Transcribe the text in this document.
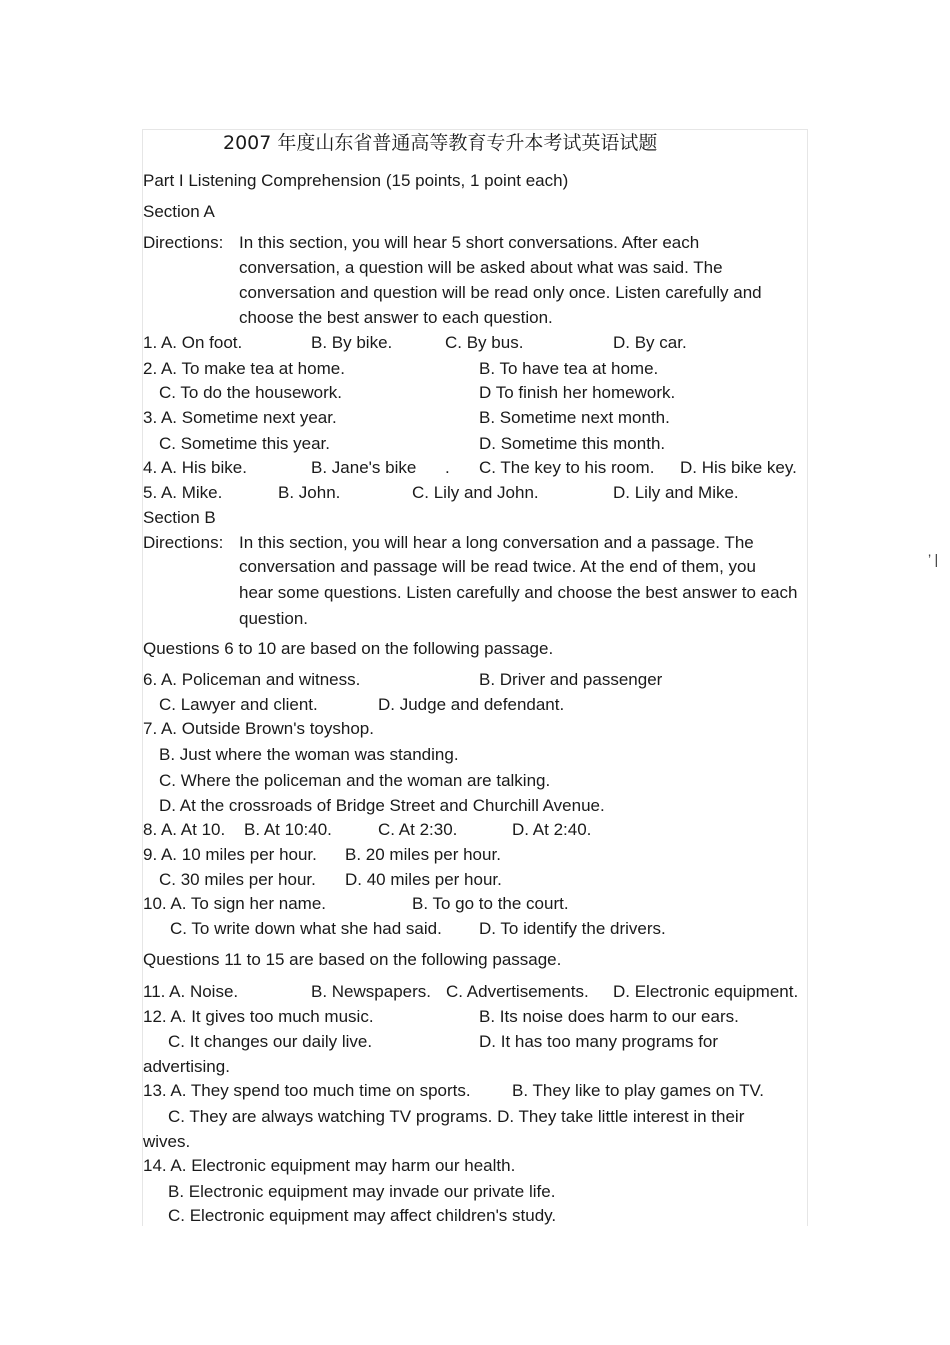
2007 年度山东省普通高等教育专升本考试英语试题
Part I Listening Comprehension (15 points, 1 point each)
Section A
Directions: In this section, you will hear 5 short conversations. After each
conversation, a question will be asked about what was said. The
conversation and question will be read only once. Listen carefully and
choose the best answer to each question.
1. A. On foot.	B. By bike.	C. By bus.	D. By car.
2. A. To make tea at home.	B. To have tea at home.
C. To do the housework.	D To finish her homework.
3. A. Sometime next year.	B. Sometime next month.
C. Sometime this year.	D. Sometime this month.
4. A. His bike.	B. Jane's bike . C. The key to his room. D. His bike key.
5. A. Mike.	B. John.	C. Lily and John.	D. Lily and Mike.
Section B
Directions: In this section, you will hear a long conversation and a passage. The
conversation and passage will be read twice. At the end of them, you
hear some questions. Listen carefully and choose the best answer to each
question.
’ |
Questions 6 to 10 are based on the following passage.
6. A. Policeman and witness.	B. Driver and passenger
C. Lawyer and client.	D. Judge and defendant.
7. A. Outside Brown's toyshop.
B. Just where the woman was standing.
C. Where the policeman and the woman are talking.
D. At the crossroads of Bridge Street and Churchill Avenue.
8. A. At 10. B. At 10:40.	C. At 2:30.	D. At 2:40.
9. A. 10 miles per hour. B. 20 miles per hour.
C. 30 miles per hour. D. 40 miles per hour.
10. A. To sign her name.	B. To go to the court.
C. To write down what she had said. D. To identify the drivers.
Questions 11 to 15 are based on the following passage.
11. A. Noise.	B. Newspapers. C. Advertisements. D. Electronic equipment.
12. A. It gives too much music.	B. Its noise does harm to our ears.
C. It changes our daily live.	D. It has too many programs for
advertising.
13. A. They spend too much time on sports. B. They like to play games on TV.
C. They are always watching TV programs. D. They take little interest in their
wives.
14. A. Electronic equipment may harm our health.
B. Electronic equipment may invade our private life.
C. Electronic equipment may affect children's study.
